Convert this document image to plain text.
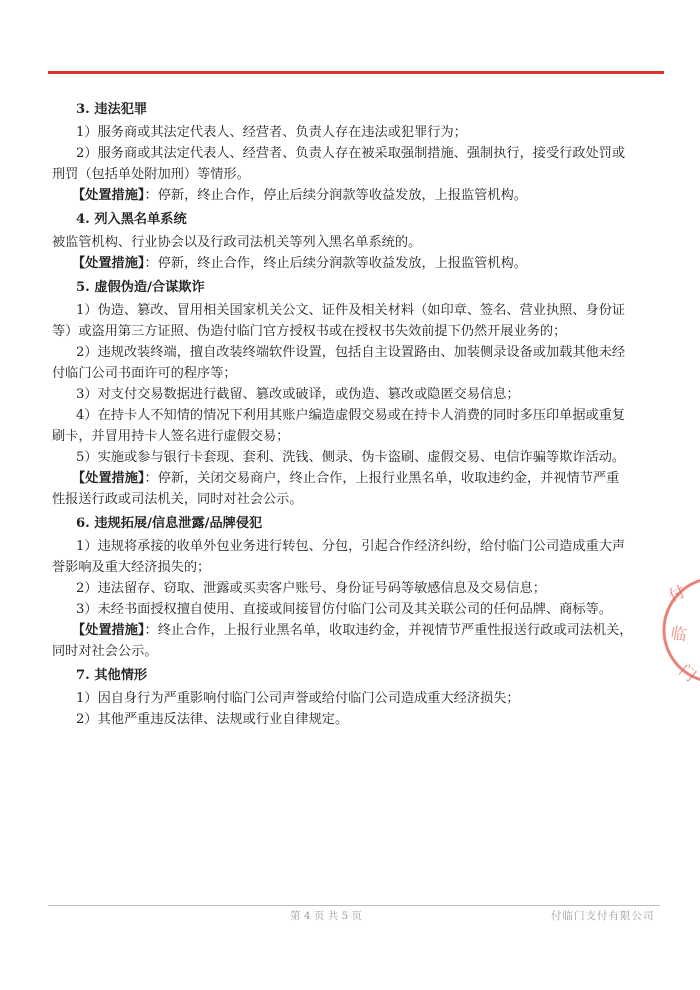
3. 违法犯罪

1）服务商或其法定代表人、经营者、负责人存在违法或犯罪行为；

2）服务商或其法定代表人、经营者、负责人存在被采取强制措施、强制执行，接受行政处罚或

刑罚（包括单处附加刑）等情形。

【处置措施】：停新，终止合作，停止后续分润款等收益发放，上报监管机构。

4. 列入黑名单系统

被监管机构、行业协会以及行政司法机关等列入黑名单系统的。

【处置措施】：停新，终止合作，终止后续分润款等收益发放，上报监管机构。

5. 虚假伪造/合谋欺诈

1）伪造、篡改、冒用相关国家机关公文、证件及相关材料（如印章、签名、营业执照、身份证

等）或盗用第三方证照、伪造付临门官方授权书或在授权书失效前提下仍然开展业务的；

2）违规改装终端，擅自改装终端软件设置，包括自主设置路由、加装侧录设备或加载其他未经

付临门公司书面许可的程序等；

3）对支付交易数据进行截留、篡改或破译，或伪造、篡改或隐匿交易信息；

4）在持卡人不知情的情况下利用其账户编造虚假交易或在持卡人消费的同时多压印单据或重复

刷卡，并冒用持卡人签名进行虚假交易；

5）实施或参与银行卡套现、套利、洗钱、侧录、伪卡盗刷、虚假交易、电信诈骗等欺诈活动。

【处置措施】：停新，关闭交易商户，终止合作，上报行业黑名单，收取违约金，并视情节严重

性报送行政或司法机关，同时对社会公示。

6. 违规拓展/信息泄露/品牌侵犯

1）违规将承接的收单外包业务进行转包、分包，引起合作经济纠纷，给付临门公司造成重大声

誉影响及重大经济损失的；

2）违法留存、窃取、泄露或买卖客户账号、身份证号码等敏感信息及交易信息；

3）未经书面授权擅自使用、直接或间接冒仿付临门公司及其关联公司的任何品牌、商标等。

【处置措施】：终止合作，上报行业黑名单，收取违约金，并视情节严重性报送行政或司法机关，

同时对社会公示。

7. 其他情形

1）因自身行为严重影响付临门公司声誉或给付临门公司造成重大经济损失；

2）其他严重违反法律、法规或行业自律规定。

第 4 页 共 5 页	付临门支付有限公司
付
临
门
